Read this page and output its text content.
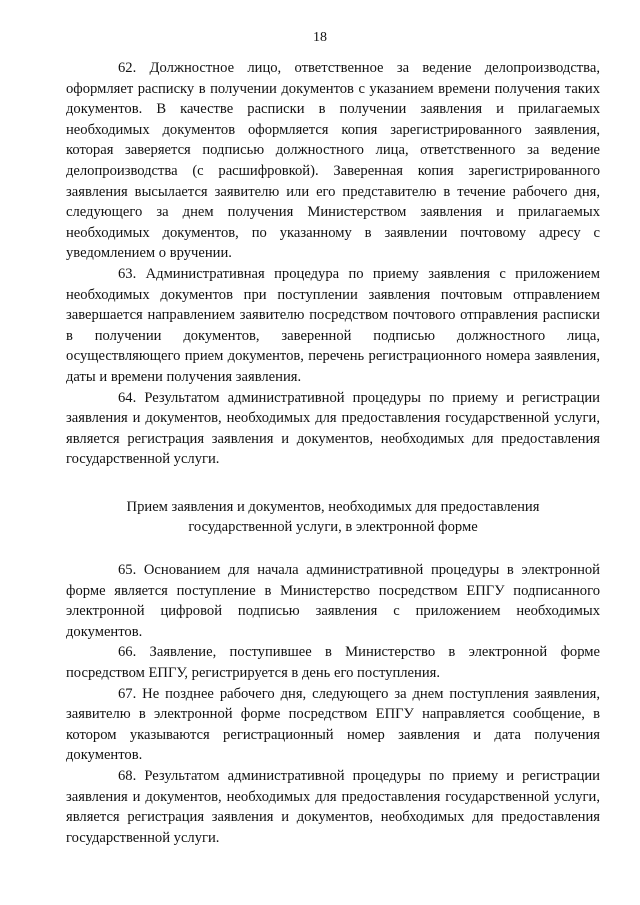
18

62. Должностное лицо, ответственное за ведение делопроизводства, оформляет расписку в получении документов с указанием времени получения таких документов. В качестве расписки в получении заявления и прилагаемых необходимых документов оформляется копия зарегистрированного заявления, которая заверяется подписью должностного лица, ответственного за ведение делопроизводства (с расшифровкой). Заверенная копия зарегистрированного заявления высылается заявителю или его представителю в течение рабочего дня, следующего за днем получения Министерством заявления и прилагаемых необходимых документов, по указанному в заявлении почтовому адресу с уведомлением о вручении.

63. Административная процедура по приему заявления с приложением необходимых документов при поступлении заявления почтовым отправлением завершается направлением заявителю посредством почтового отправления расписки в получении документов, заверенной подписью должностного лица, осуществляющего прием документов, перечень регистрационного номера заявления, даты и времени получения заявления.

64. Результатом административной процедуры по приему и регистрации заявления и документов, необходимых для предоставления государственной услуги, является регистрация заявления и документов, необходимых для предоставления государственной услуги.

Прием заявления и документов, необходимых для предоставления государственной услуги, в электронной форме

65. Основанием для начала административной процедуры в электронной форме является поступление в Министерство посредством ЕПГУ подписанного электронной цифровой подписью заявления с приложением необходимых документов.

66. Заявление, поступившее в Министерство в электронной форме посредством ЕПГУ, регистрируется в день его поступления.

67. Не позднее рабочего дня, следующего за днем поступления заявления, заявителю в электронной форме посредством ЕПГУ направляется сообщение, в котором указываются регистрационный номер заявления и дата получения документов.

68. Результатом административной процедуры по приему и регистрации заявления и документов, необходимых для предоставления государственной услуги, является регистрация заявления и документов, необходимых для предоставления государственной услуги.
